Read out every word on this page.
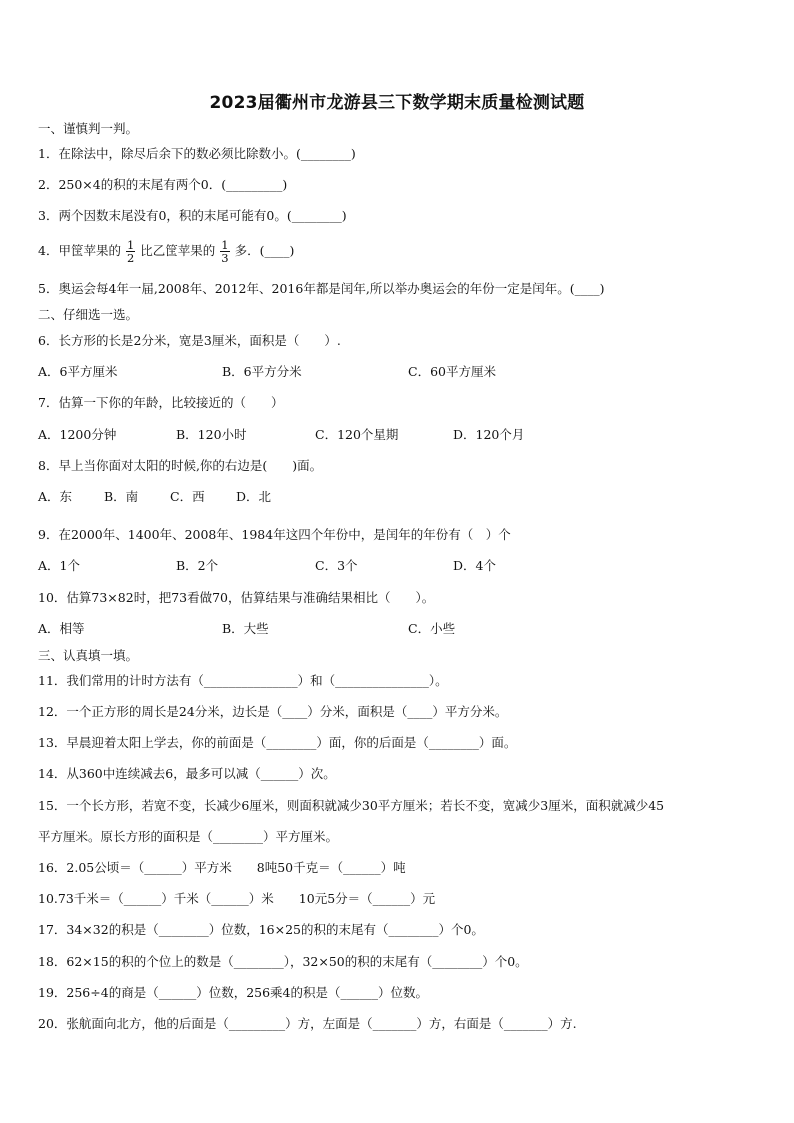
2023届衢州市龙游县三下数学期末质量检测试题
一、谨慎判一判。
1．在除法中，除尽后余下的数必须比除数小。(________)
2．250×4的积的末尾有两个0．(_________)
3．两个因数末尾没有0，积的末尾可能有0。(________)
4．甲筐苹果的 $\frac{1}{2}$ 比乙筐苹果的 $\frac{1}{3}$ 多．(____)
5．奥运会每4年一届,2008年、2012年、2016年都是闰年,所以举办奥运会的年份一定是闰年。(____)
二、仔细选一选。
6．长方形的长是2分米，宽是3厘米，面积是（　　）.
A．6平方厘米	B．6平方分米	C．60平方厘米
7．估算一下你的年龄，比较接近的（　　）
A．1200分钟	B．120小时	C．120个星期	D．120个月
8．早上当你面对太阳的时候,你的右边是(　　)面。
A．东	B．南	C．西	D．北
9．在2000年、1400年、2008年、1984年这四个年份中，是闰年的年份有（　）个
A．1个	B．2个	C．3个	D．4个
10．估算73×82时，把73看做70，估算结果与准确结果相比（　　）。
A．相等	B．大些	C．小些
三、认真填一填。
11．我们常用的计时方法有（_______________）和（_______________）。
12．一个正方形的周长是24分米，边长是（____）分米，面积是（____）平方分米。
13．早晨迎着太阳上学去，你的前面是（________）面，你的后面是（________）面。
14．从360中连续减去6，最多可以减（______）次。
15．一个长方形，若宽不变，长减少6厘米，则面积就减少30平方厘米；若长不变，宽减少3厘米，面积就减少45
平方厘米。原长方形的面积是（________）平方厘米。
16．2.05公顷＝（______）平方米　　8吨50千克＝（______）吨
10.73千米＝（______）千米（______）米　　10元5分＝（______）元
17．34×32的积是（________）位数，16×25的积的末尾有（________）个0。
18．62×15的积的个位上的数是（________），32×50的积的末尾有（________）个0。
19．256÷4的商是（______）位数，256乘4的积是（______）位数。
20．张航面向北方，他的后面是（_________）方，左面是（_______）方，右面是（_______）方.
